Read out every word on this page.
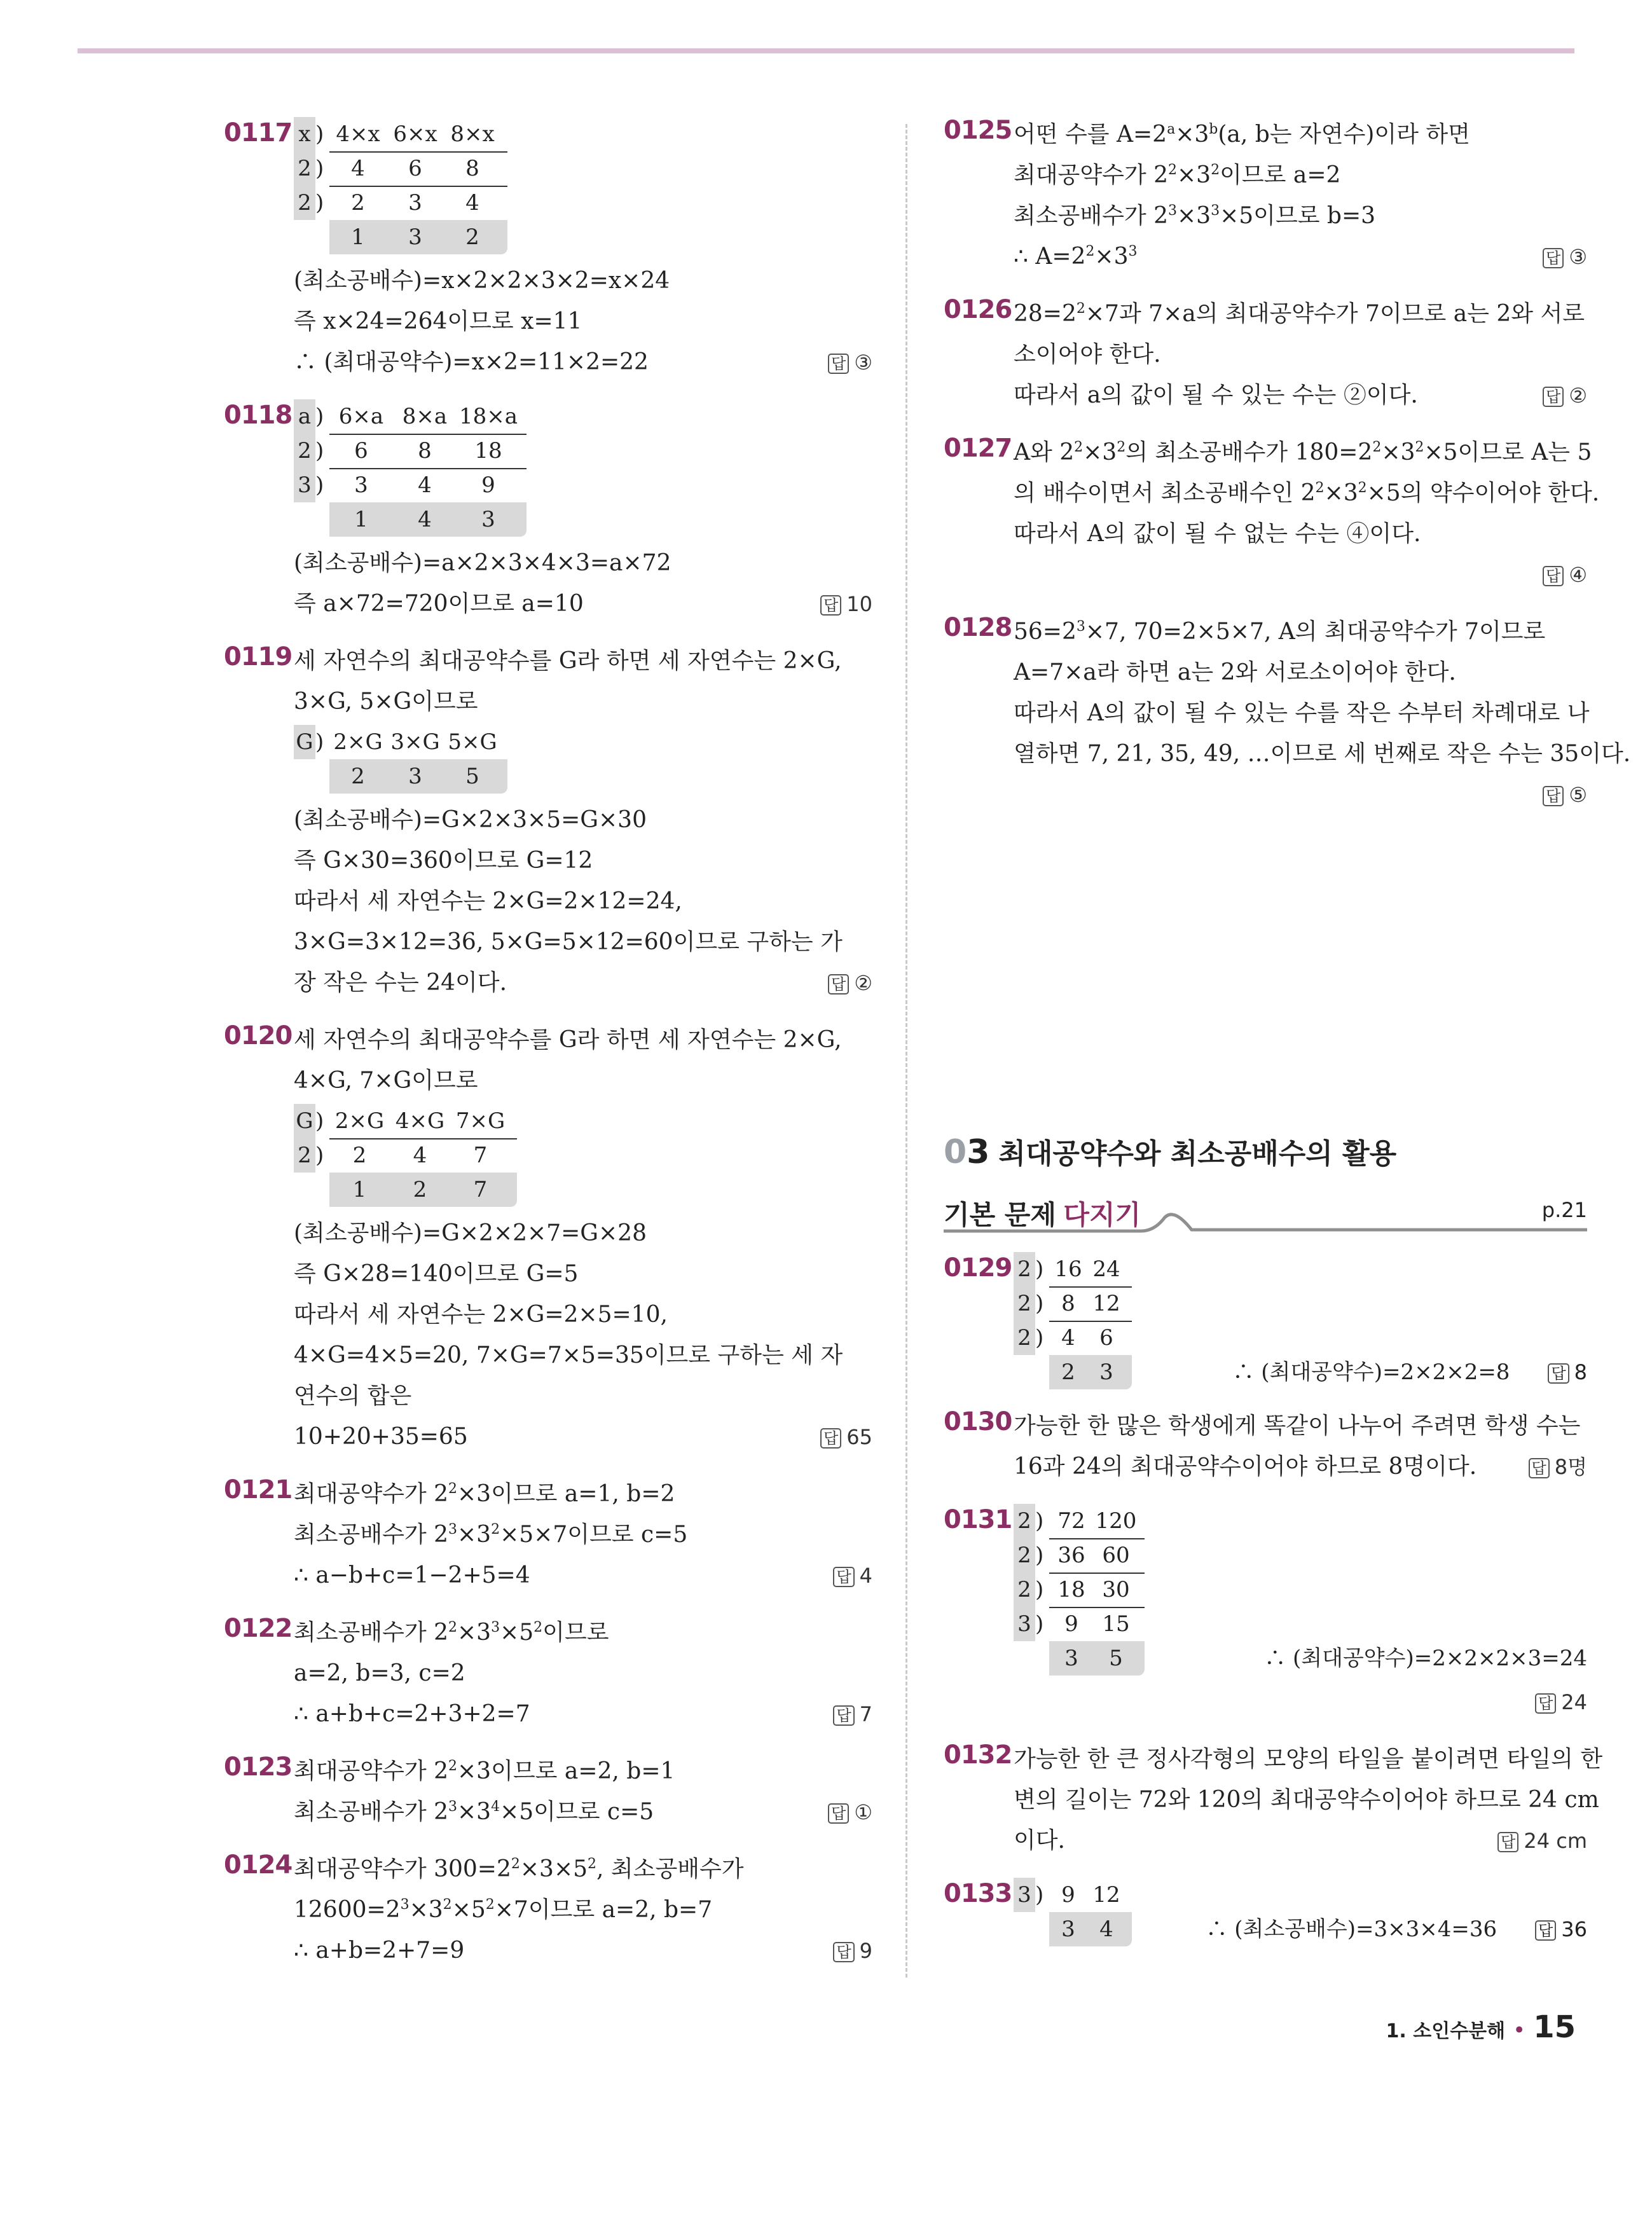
0117 x ) 4×x 6×x 8×x
2 ) 4 6 8
2 ) 2 3 4
1 3 2
(최소공배수)=x×2×2×3×2=x×24
즉 x×24=264이므로 x=11
∴ (최대공약수)=x×2=11×2=22	답 ③
0118 a ) 6×a 8×a 18×a
2 ) 6 8 18
3 ) 3 4 9
1 4 3
(최소공배수)=a×2×3×4×3=a×72
즉 a×72=720이므로 a=10	답 10
0119 세 자연수의 최대공약수를 G라 하면 세 자연수는 2×G,
3×G, 5×G이므로
G ) 2×G 3×G 5×G
2 3 5
(최소공배수)=G×2×3×5=G×30
즉 G×30=360이므로 G=12
따라서 세 자연수는 2×G=2×12=24,
3×G=3×12=36, 5×G=5×12=60이므로 구하는 가
장 작은 수는 24이다.	답 ②
0120 세 자연수의 최대공약수를 G라 하면 세 자연수는 2×G,
4×G, 7×G이므로
G ) 2×G 4×G 7×G
2 ) 2 4 7
1 2 7
(최소공배수)=G×2×2×7=G×28
즉 G×28=140이므로 G=5
따라서 세 자연수는 2×G=2×5=10,
4×G=4×5=20, 7×G=7×5=35이므로 구하는 세 자
연수의 합은
10+20+35=65	답 65
0121 최대공약수가 $2^2\times 3$이므로 a=1, b=2
최소공배수가 $2^3\times 3^2\times 5\times 7$이므로 c=5
∴ a−b+c=1−2+5=4	답 4
0122 최소공배수가 $2^2\times 3^3\times 5^2$이므로
a=2, b=3, c=2
∴ a+b+c=2+3+2=7	답 7
0123 최대공약수가 $2^2\times 3$이므로 a=2, b=1
최소공배수가 $2^3\times 3^4\times 5$이므로 c=5	답 ①
0124 최대공약수가 $300=2^2\times 3\times 5^2$, 최소공배수가
$12600=2^3\times 3^2\times 5^2\times 7$이므로 a=2, b=7
∴ a+b=2+7=9	답 9
0125 어떤 수를 $A=2^a\times 3^b(a$, b는 자연수)이라 하면
최대공약수가 $2^2\times 3^2$이므로 a=2
최소공배수가 $2^3\times 3^3\times 5$이므로 b=3
∴ $A=2^2\times 3^3$	답 ③
0126 $28=2^2\times 7$과 7×a의 최대공약수가 7이므로 a는 2와 서로
소이어야 한다.
따라서 a의 값이 될 수 있는 수는 ②이다.	답 ②
0127 A와 $2^2\times 3^2$의 최소공배수가 $180=2^2\times 3^2\times 5$이므로 A는 5
의 배수이면서 최소공배수인 $2^2\times 3^2\times 5$의 약수이어야 한다.
따라서 A의 값이 될 수 없는 수는 ④이다.
답 ④
0128 $56=2^3\times 7$, 70=2×5×7, A의 최대공약수가 7이므로
A=7×a라 하면 a는 2와 서로소이어야 한다.
따라서 A의 값이 될 수 있는 수를 작은 수부터 차례대로 나
열하면 7, 21, 35, 49, …이므로 세 번째로 작은 수는 35이다.
답 ⑤
03 최대공약수와 최소공배수의 활용
기본 문제 다지기	p.21
0129 2 ) 16 24
2 ) 8 12
2 ) 4 6
2 3	∴ (최대공약수)=2×2×2=8	답 8
0130 가능한 한 많은 학생에게 똑같이 나누어 주려면 학생 수는
16과 24의 최대공약수이어야 하므로 8명이다.	답 8명
0131 2 ) 72 120
2 ) 36 60
2 ) 18 30
3 ) 9 15
3 5	∴ (최대공약수)=2×2×2×3=24
답 24
0132 가능한 한 큰 정사각형의 모양의 타일을 붙이려면 타일의 한
변의 길이는 72와 120의 최대공약수이어야 하므로 24 cm
이다.	답 24 cm
0133 3 ) 9 12
3 4	∴ (최소공배수)=3×3×4=36	답 36
1. 소인수분해 • 15
